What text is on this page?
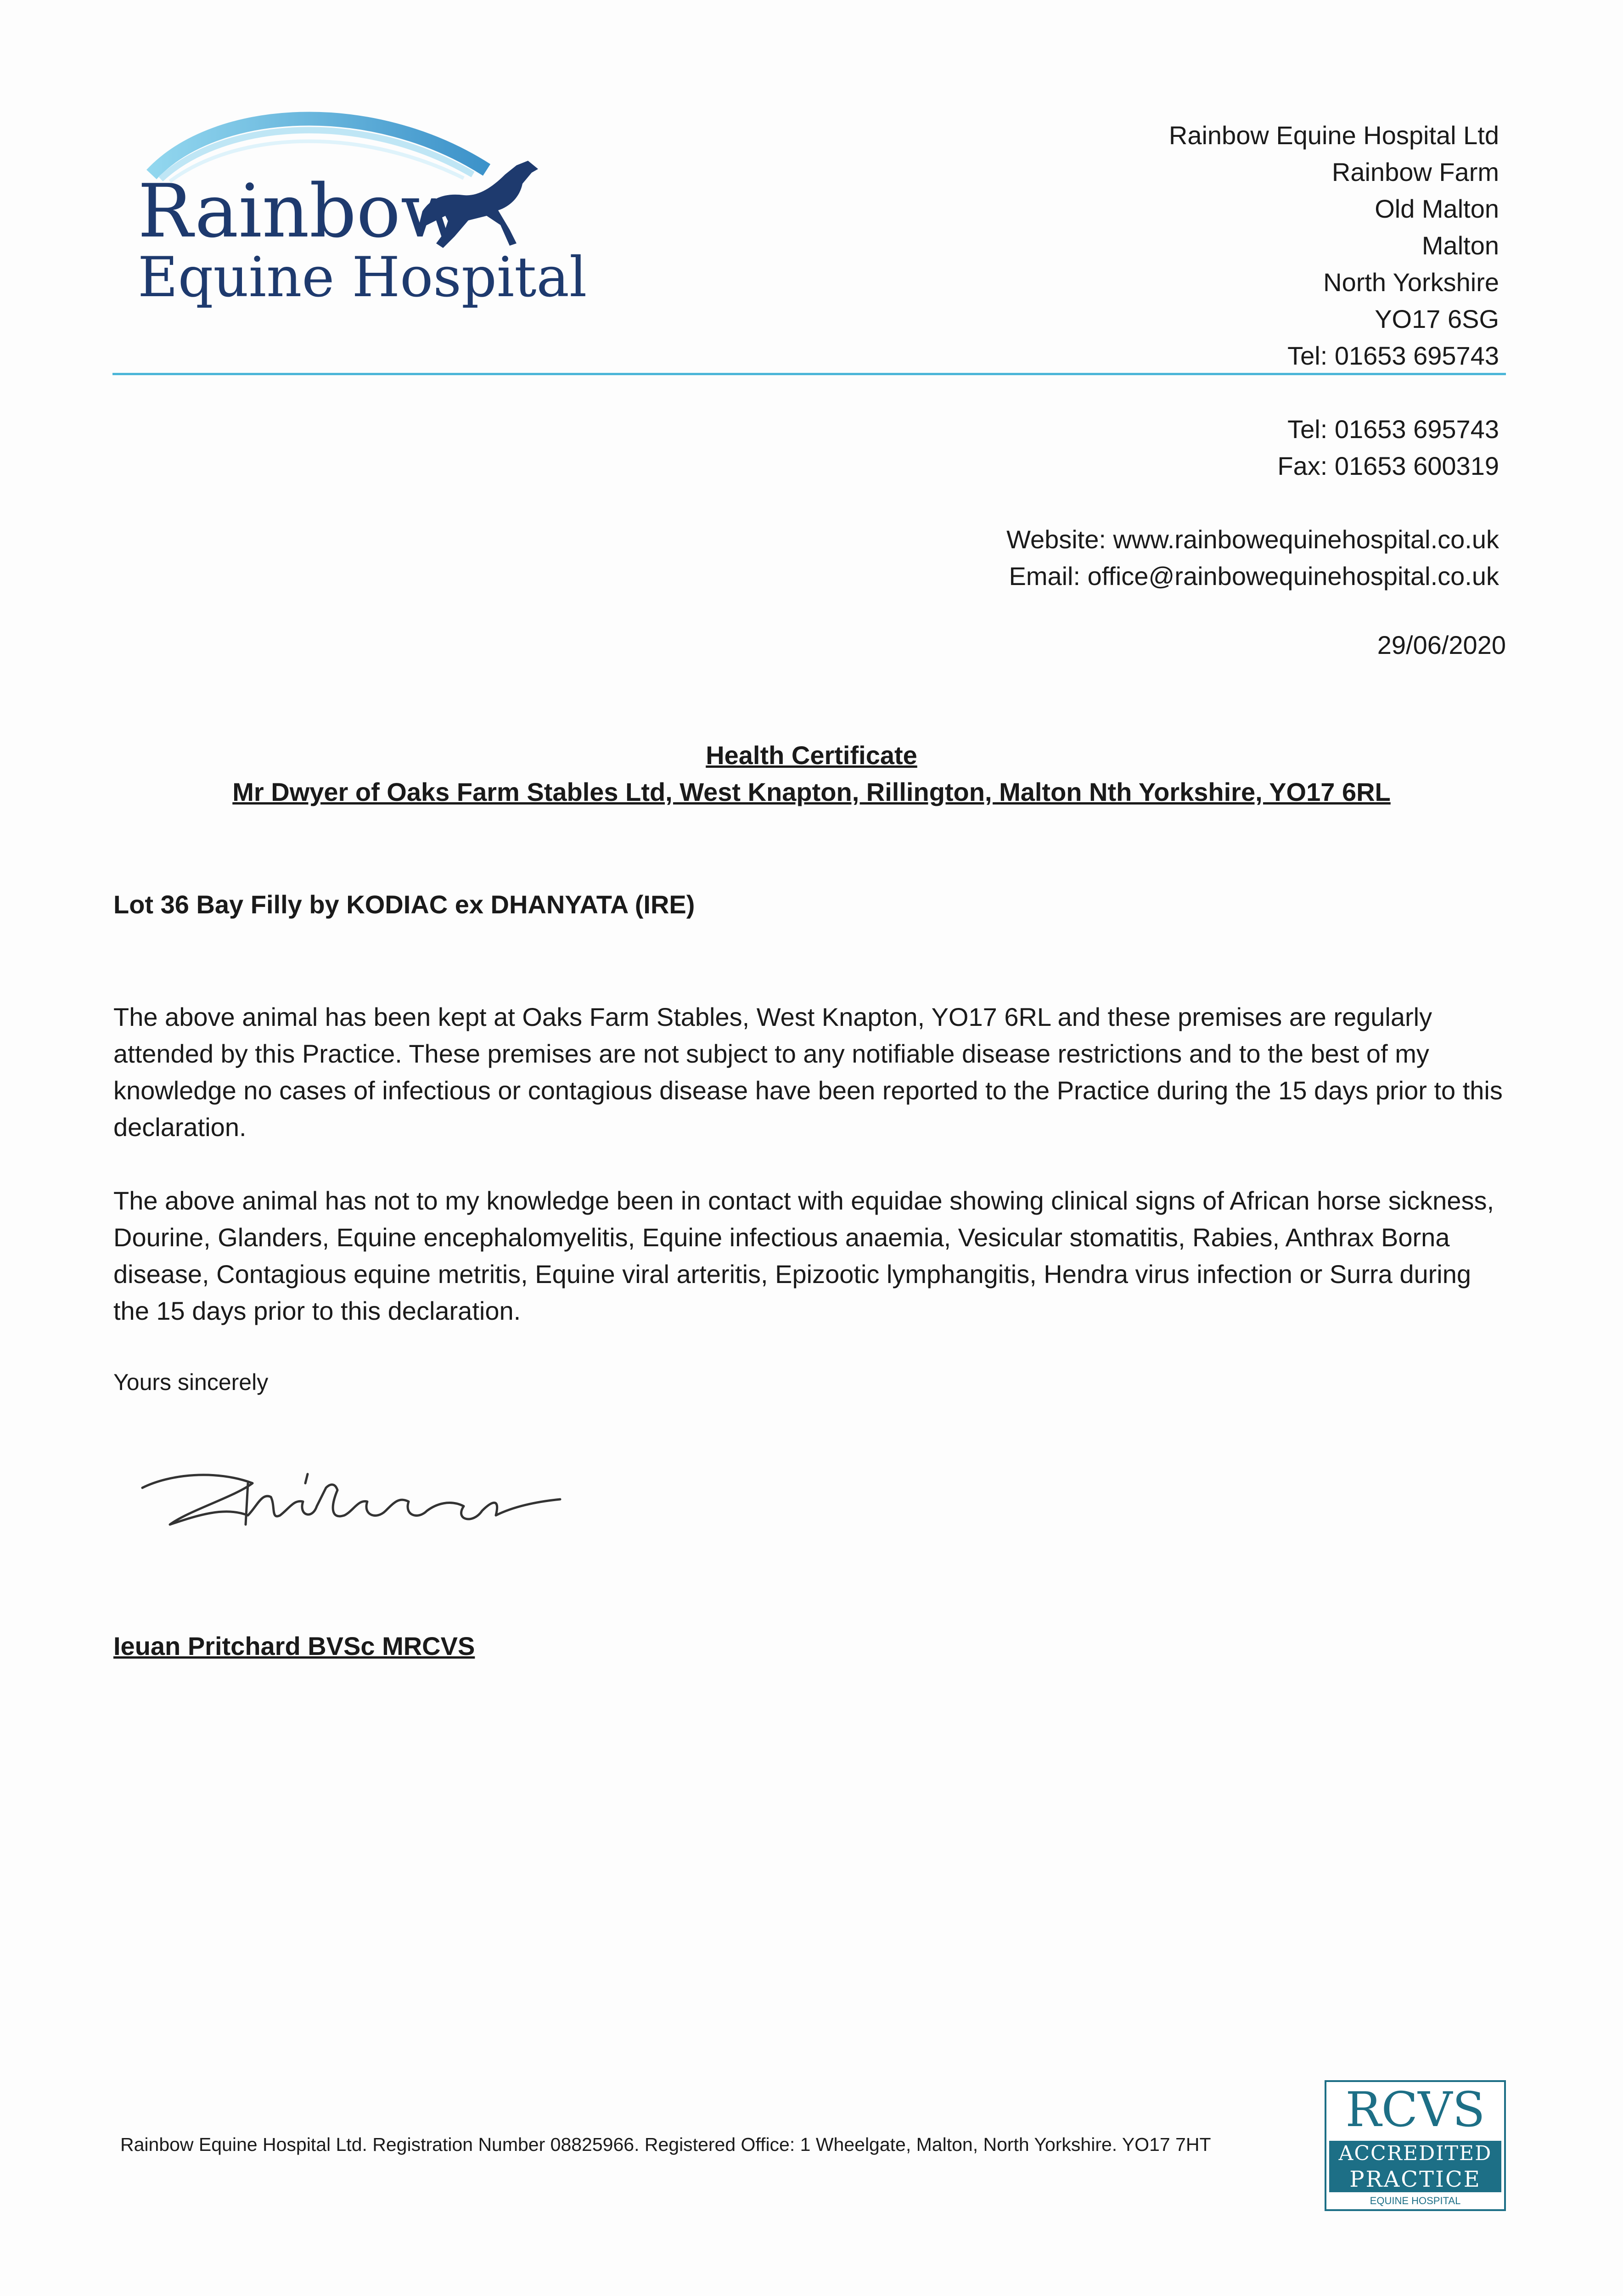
Rainbow
Equine Hospital
Rainbow Equine Hospital Ltd
Rainbow Farm
Old Malton
Malton
North Yorkshire
YO17 6SG
Tel: 01653 695743
Tel: 01653 695743
Fax: 01653 600319
Website: www.rainbowequinehospital.co.uk
Email: office@rainbowequinehospital.co.uk
29/06/2020
Health Certificate
Mr Dwyer of Oaks Farm Stables Ltd, West Knapton, Rillington, Malton Nth Yorkshire, YO17 6RL
Lot 36 Bay Filly by KODIAC ex DHANYATA (IRE)

The above animal has been kept at Oaks Farm Stables, West Knapton, YO17 6RL and these premises are regularly attended by this Practice. These premises are not subject to any notifiable disease restrictions and to the best of my knowledge no cases of infectious or contagious disease have been reported to the Practice during the 15 days prior to this declaration.

The above animal has not to my knowledge been in contact with equidae showing clinical signs of African horse sickness, Dourine, Glanders, Equine encephalomyelitis, Equine infectious anaemia, Vesicular stomatitis, Rabies, Anthrax Borna disease, Contagious equine metritis, Equine viral arteritis, Epizootic lymphangitis, Hendra virus infection or Surra during the 15 days prior to this declaration.

Yours sincerely
Ieuan Pritchard BVSc MRCVS
Rainbow Equine Hospital Ltd. Registration Number 08825966. Registered Office: 1 Wheelgate, Malton, North Yorkshire. YO17 7HT
RCVS
ACCREDITED
PRACTICE
EQUINE HOSPITAL
